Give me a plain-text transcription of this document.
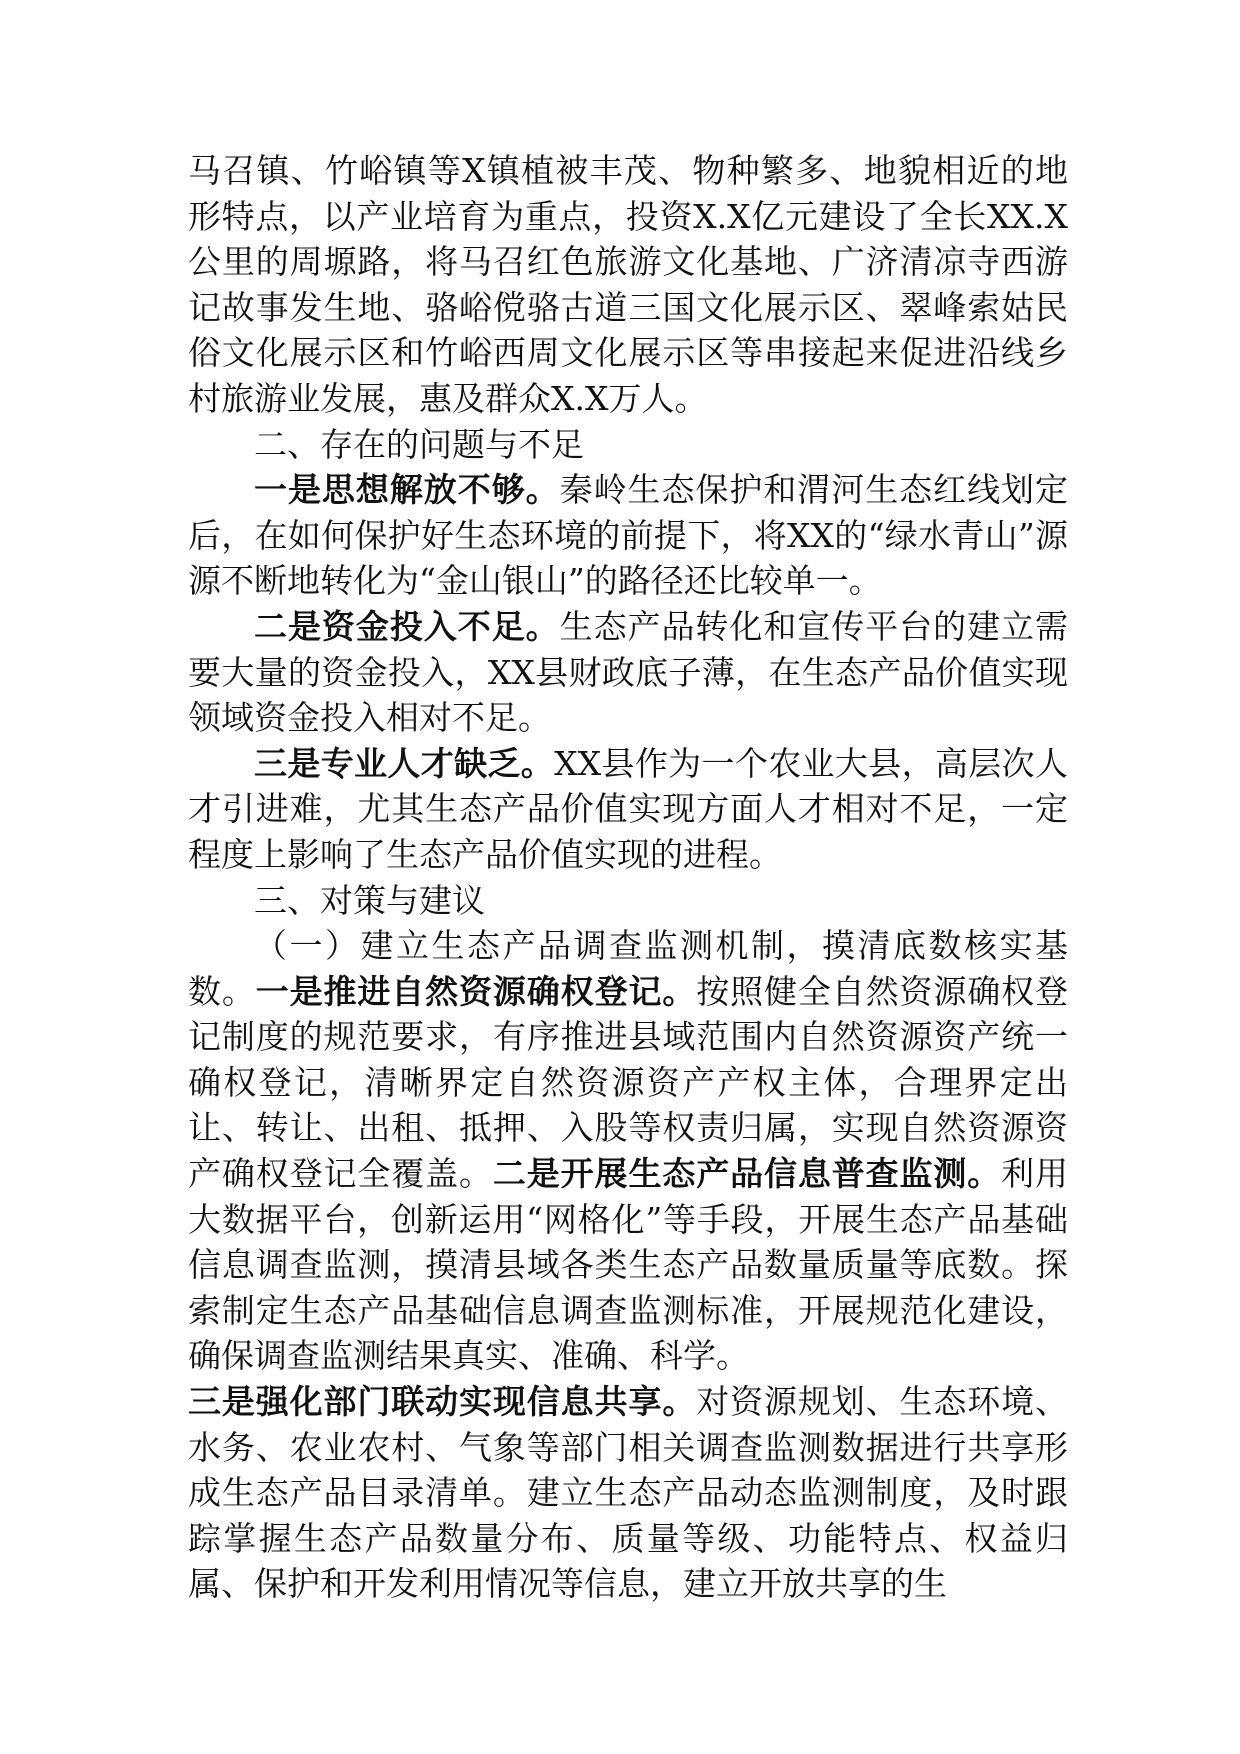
马召镇、竹峪镇等X镇植被丰茂、物种繁多、地貌相近的地形特点，以产业培育为重点，投资X.X亿元建设了全长XX.X公里的周塬路，将马召红色旅游文化基地、广济清凉寺西游记故事发生地、骆峪傥骆古道三国文化展示区、翠峰索姑民俗文化展示区和竹峪西周文化展示区等串接起来促进沿线乡村旅游业发展，惠及群众X.X万人。

二、存在的问题与不足

一是思想解放不够。秦岭生态保护和渭河生态红线划定后，在如何保护好生态环境的前提下，将XX的“绿水青山”源源不断地转化为“金山银山”的路径还比较单一。

二是资金投入不足。生态产品转化和宣传平台的建立需要大量的资金投入，XX县财政底子薄，在生态产品价值实现领域资金投入相对不足。

三是专业人才缺乏。XX县作为一个农业大县，高层次人才引进难，尤其生态产品价值实现方面人才相对不足，一定程度上影响了生态产品价值实现的进程。

三、对策与建议

（一）建立生态产品调查监测机制，摸清底数核实基数。一是推进自然资源确权登记。按照健全自然资源确权登记制度的规范要求，有序推进县域范围内自然资源资产统一确权登记，清晰界定自然资源资产产权主体，合理界定出让、转让、出租、抵押、入股等权责归属，实现自然资源资产确权登记全覆盖。二是开展生态产品信息普查监测。利用大数据平台，创新运用“网格化”等手段，开展生态产品基础信息调查监测，摸清县域各类生态产品数量质量等底数。探索制定生态产品基础信息调查监测标准，开展规范化建设，确保调查监测结果真实、准确、科学。

三是强化部门联动实现信息共享。对资源规划、生态环境、水务、农业农村、气象等部门相关调查监测数据进行共享形成生态产品目录清单。建立生态产品动态监测制度，及时跟踪掌握生态产品数量分布、质量等级、功能特点、权益归属、保护和开发利用情况等信息，建立开放共享的生
